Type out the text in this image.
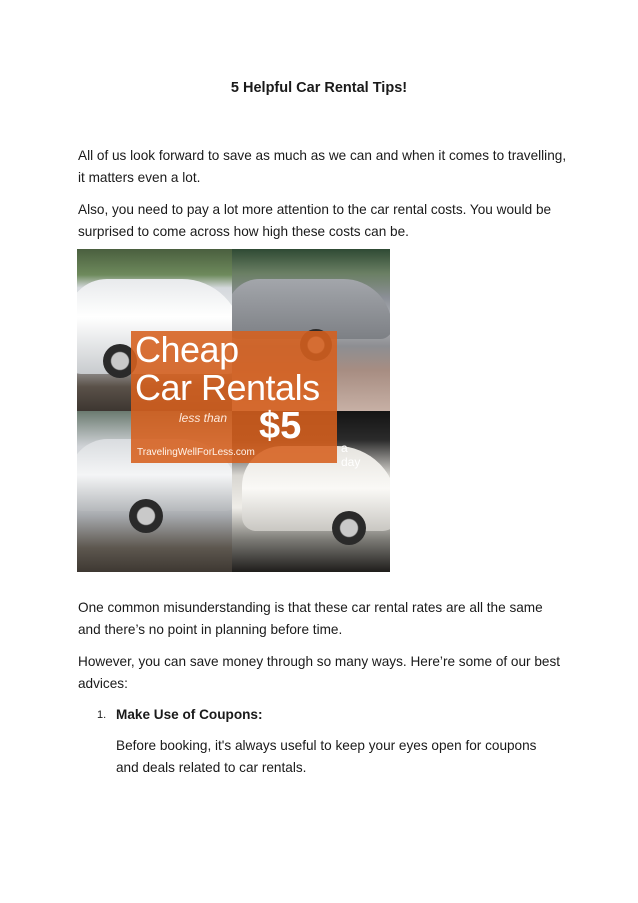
5 Helpful Car Rental Tips!

All of us look forward to save as much as we can and when it comes to travelling, it matters even a lot.

Also, you need to pay a lot more attention to the car rental costs. You would be surprised to come across how high these costs can be.

Cheap
Car Rentals
less than $5
a day
TravelingWellForLess.com

One common misunderstanding is that these car rental rates are all the same and there’s no point in planning before time.

However, you can save money through so many ways. Here’re some of our best advices:

1. Make Use of Coupons:

Before booking, it's always useful to keep your eyes open for coupons and deals related to car rentals.
